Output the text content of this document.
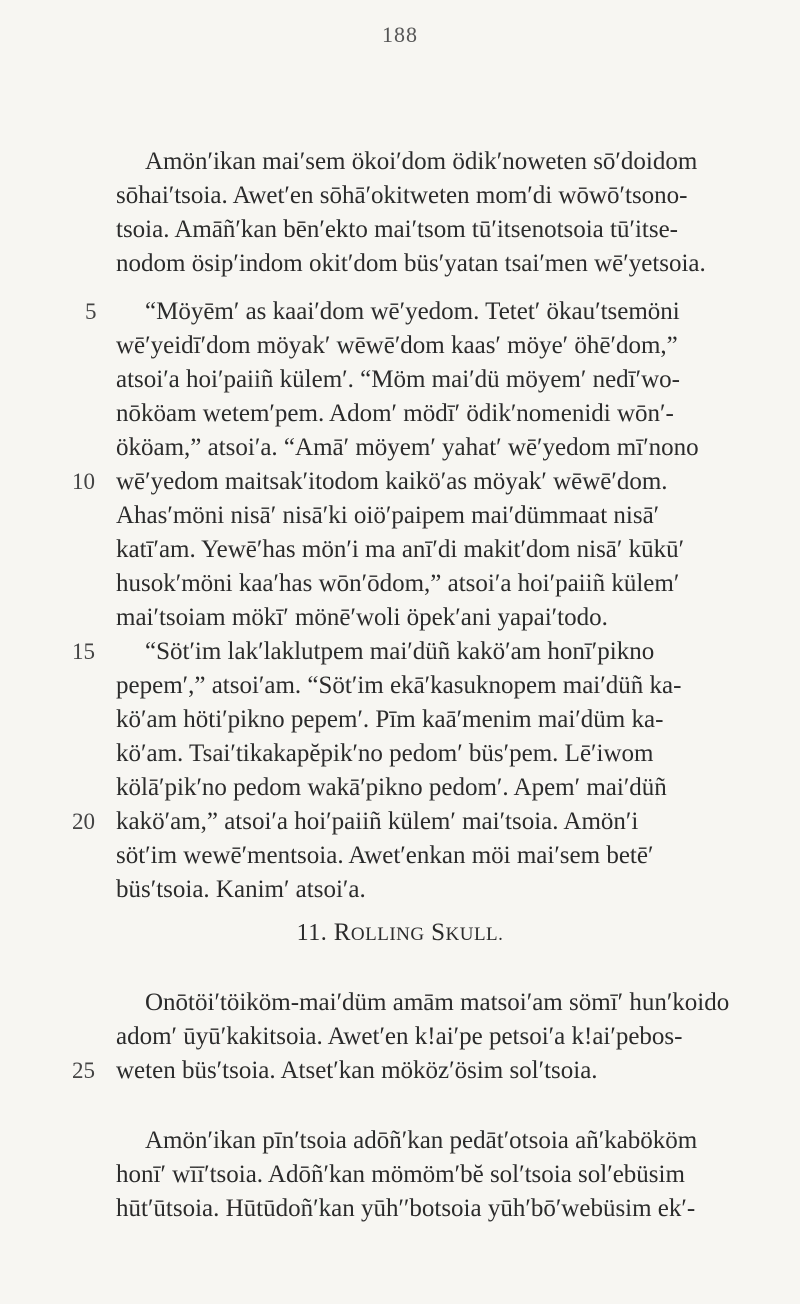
188
Amönʹikan maiʹsem ökoiʹdom ödikʹnoweten sōʹdoidom
sōhaiʹtsoia. Awetʹen sōhāʹokitweten momʹdi wōwōʹtsono-
tsoia. Amāñʹkan bēnʹekto maiʹtsom tūʹitsenotsoia tūʹitse-
nodom ösipʹindom okitʹdom büsʹyatan tsaiʹmen wēʹyetsoia.
5 “Möyēmʹ as kaaiʹdom wēʹyedom. Tetetʹ ökauʹtsemöni
wēʹyeidīʹdom möyakʹ wēwēʹdom kaasʹ möyeʹ öhēʹdom,”
atsoiʹa hoiʹpaiiñ külemʹ. “Möm maiʹdü möyemʹ nedīʹwo-
nōköam wetemʹpem. Adomʹ mödīʹ ödikʹnomenidi wōnʹ-
ököam,” atsoiʹa. “Amāʹ möyemʹ yahatʹ wēʹyedom mīʹnono
10 wēʹyedom maitsakʹitodom kaiköʹas möyakʹ wēwēʹdom.
Ahasʹmöni nisāʹ nisāʹki oiöʹpaipem maiʹdümmaat nisāʹ
katīʹam. Yewēʹhas mönʹi ma anīʹdi makitʹdom nisāʹ kūkūʹ
husokʹmöni kaaʹhas wōnʹōdom,” atsoiʹa hoiʹpaiiñ külemʹ
maiʹtsoiam mökīʹ mönēʹwoli öpekʹani yapaiʹtodo.
15 “Sötʹim lakʹlaklutpem maiʹdüñ kaköʹam honīʹpikno
pepemʹ,” atsoiʹam. “Sötʹim ekāʹkasuknopem maiʹdüñ ka-
köʹam hötiʹpikno pepemʹ. Pīm kaāʹmenim maiʹdüm ka-
köʹam. Tsaiʹtikakapĕpikʹno pedomʹ büsʹpem. Lēʹiwom
kölāʹpikʹno pedom wakāʹpikno pedomʹ. Apemʹ maiʹdüñ
20 kaköʹam,” atsoiʹa hoiʹpaiiñ külemʹ maiʹtsoia. Amönʹi
sötʹim wewēʹmentsoia. Awetʹenkan möi maiʹsem betēʹ
büsʹtsoia. Kanimʹ atsoiʹa.
11. ROLLING SKULL.
Onōtöiʹtöiköm-maiʹdüm amām matsoiʹam sömīʹ hunʹkoido
adomʹ ūyūʹkakitsoia. Awetʹen k!aiʹpe petsoiʹa k!aiʹpebos-
25 weten büsʹtsoia. Atsetʹkan möközʹösim solʹtsoia.
Amönʹikan pīnʹtsoia adōñʹkan pedātʹotsoia añʹkabököm
honīʹ wīīʹtsoia. Adōñʹkan mömömʹbĕ solʹtsoia solʹebüsim
hūtʹūtsoia. Hūtūdoñʹkan yūhʹʹbotsoia yūhʹbōʹwebüsim ekʹ-
